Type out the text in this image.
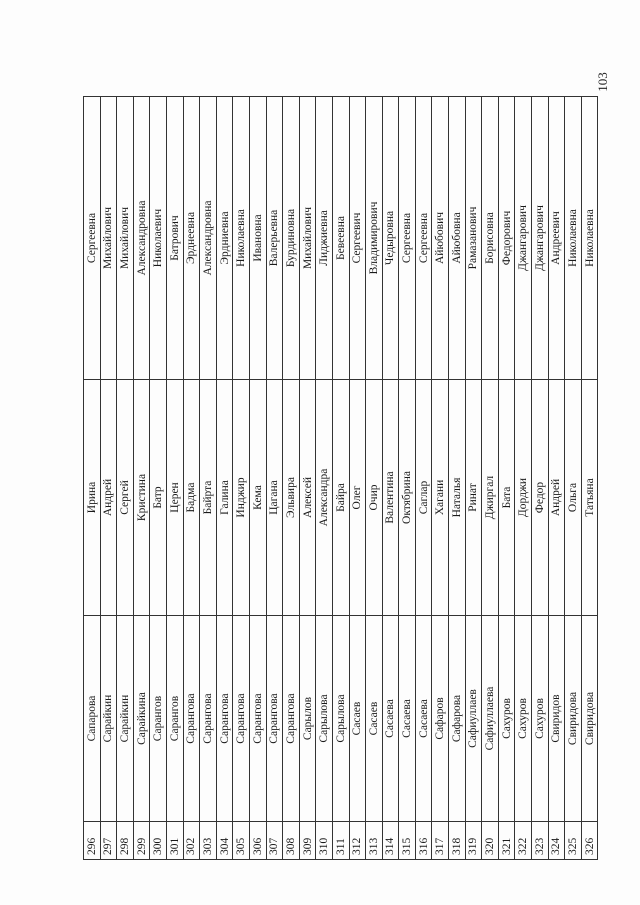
103
296	Сапарова	Ирина	Сергеевна
297	Сарайкин	Андрей	Михайлович
298	Сарайкин	Сергей	Михайлович
299	Сарайкина	Кристина	Александровна
300	Сарангов	Батр	Николаевич
301	Сарангов	Церен	Батрович
302	Сарангова	Бадма	Эрднеевна
303	Сарангова	Байрта	Александровна
304	Сарангова	Галина	Эрдниевна
305	Сарангова	Инджир	Николаевна
306	Сарангова	Кема	Ивановна
307	Сарангова	Цагана	Валерьевна
308	Сарангова	Эльвира	Бурдиновна
309	Сарылов	Алексей	Михайлович
310	Сарылова	Александра	Лиджиевна
311	Сарылова	Байра	Бевеевна
312	Сасаев	Олег	Сергеевич
313	Сасаев	Очир	Владимирович
314	Сасаева	Валентина	Чедыровна
315	Сасаева	Октябрина	Сергеевна
316	Сасаева	Саглар	Сергеевна
317	Сафаров	Хагани	Айюбович
318	Сафарова	Наталья	Айюбовна
319	Сафиуллаев	Ринат	Рамазанович
320	Сафиуллаева	Джиргал	Борисовна
321	Сахуров	Бата	Федорович
322	Сахуров	Дорджи	Джангарович
323	Сахуров	Федор	Джангарович
324	Свиридов	Андрей	Андреевич
325	Свиридова	Ольга	Николаевна
326	Свиридова	Татьяна	Николаевна
